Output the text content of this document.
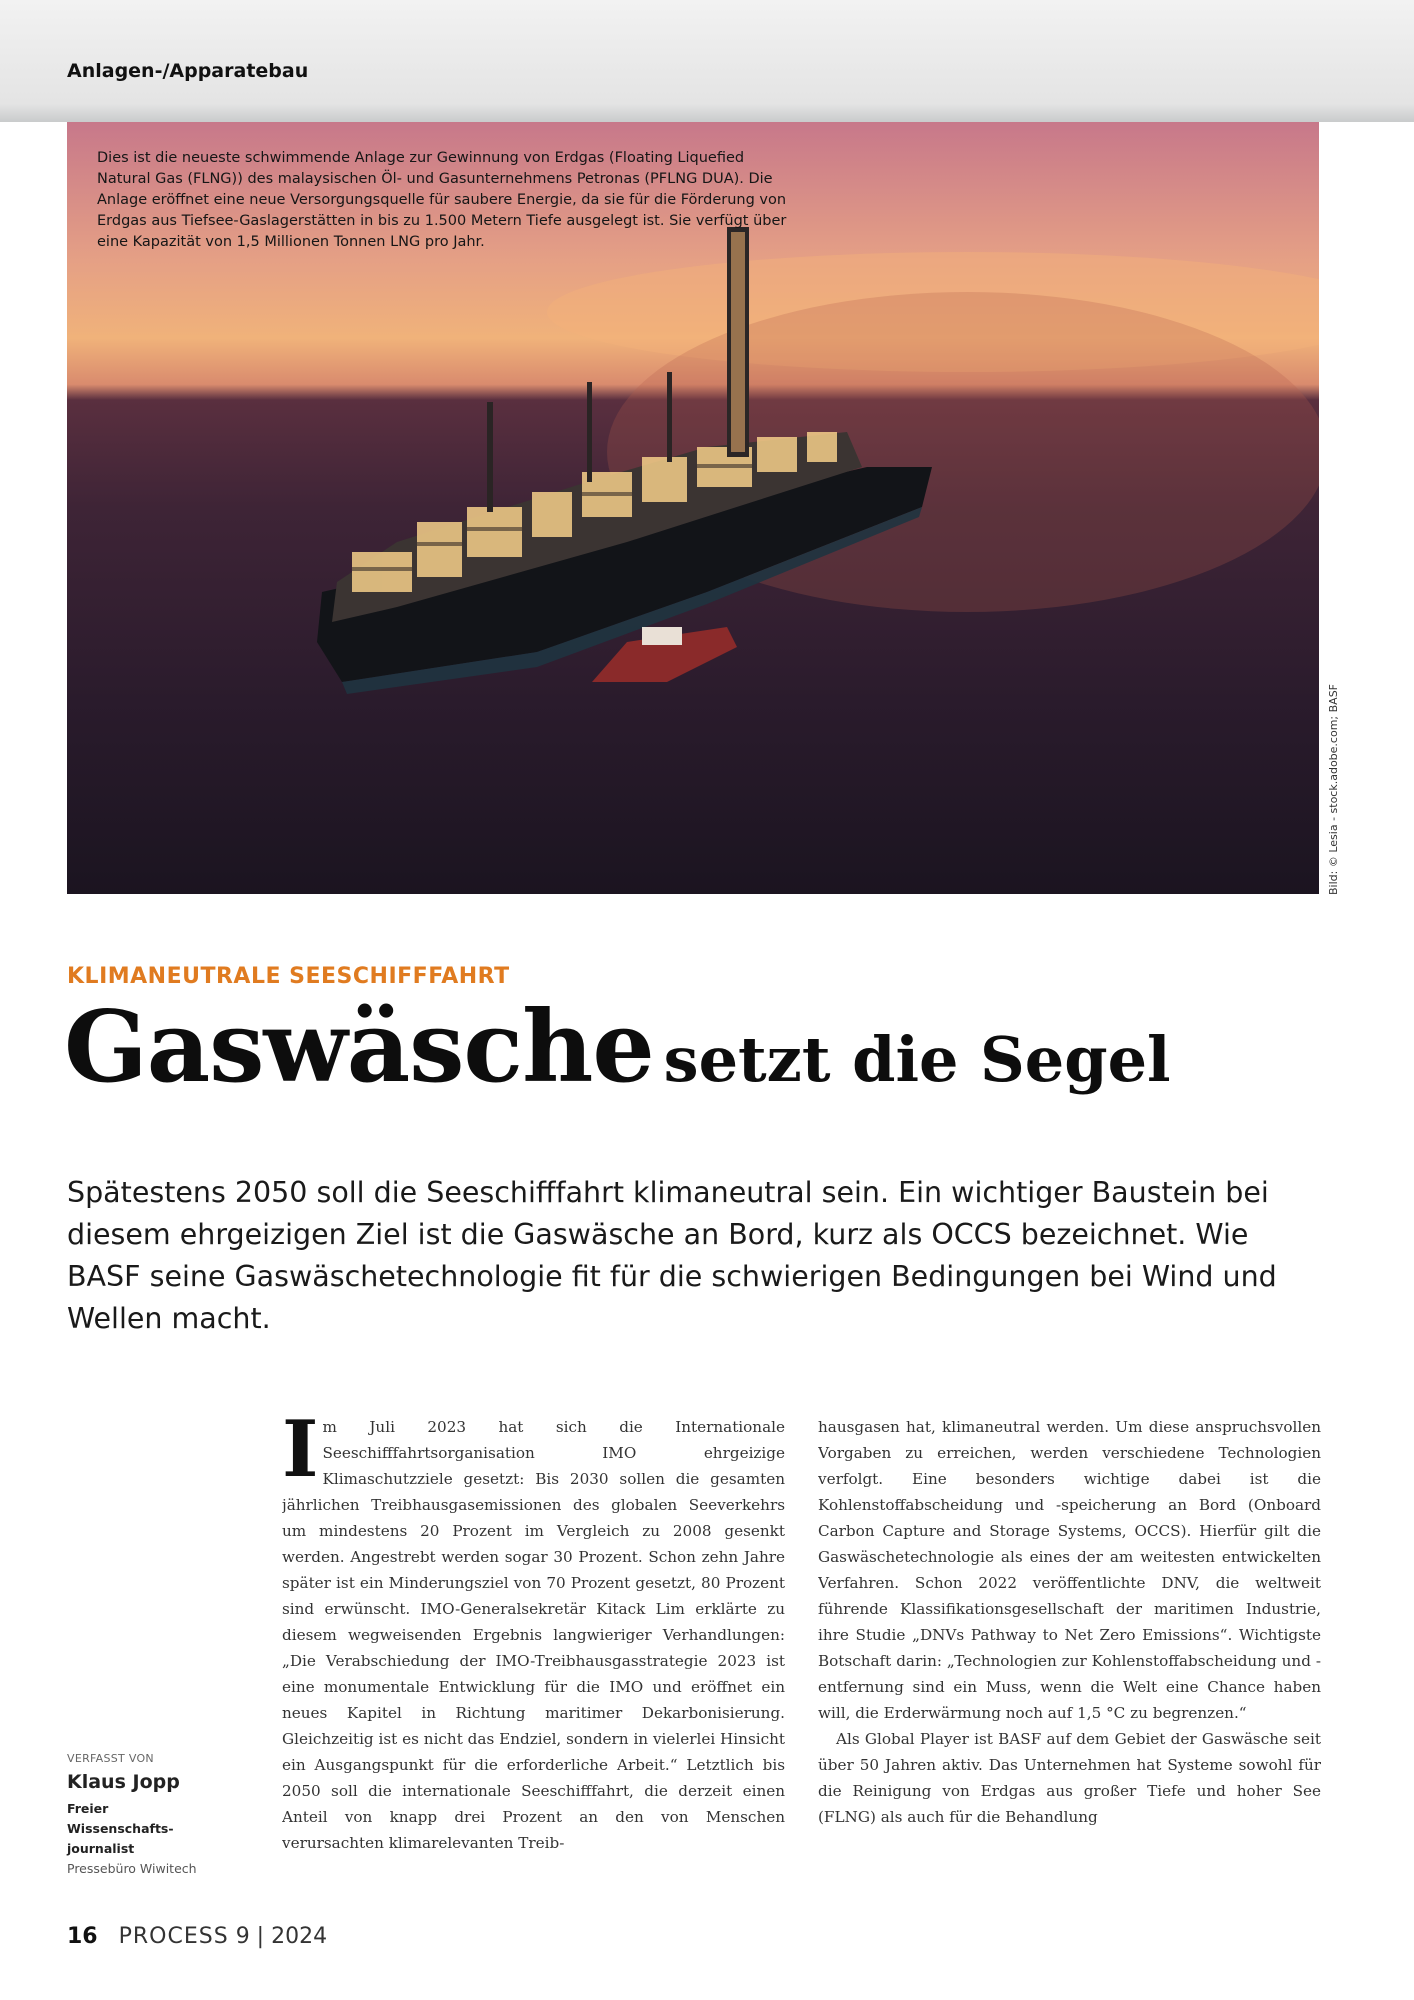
Anlagen-/Apparatebau
Dies ist die neueste schwimmende Anlage zur Gewinnung von Erdgas (Floating Liquefied Natural Gas (FLNG)) des malaysischen Öl- und Gasunternehmens Petronas (PFLNG DUA). Die Anlage eröffnet eine neue Versorgungsquelle für saubere Energie, da sie für die Förderung von Erdgas aus Tiefsee-Gaslagerstätten in bis zu 1.500 Metern Tiefe ausgelegt ist. Sie verfügt über eine Kapazität von 1,5 Millionen Tonnen LNG pro Jahr.
Bild: © Lesia - stock.adobe.com; BASF
KLIMANEUTRALE SEESCHIFFFAHRT
Gaswäsche setzt die Segel
Spätestens 2050 soll die Seeschifffahrt klimaneutral sein. Ein wichtiger Baustein bei diesem ehrgeizigen Ziel ist die Gaswäsche an Bord, kurz als OCCS bezeichnet. Wie BASF seine Gaswäschetechnologie fit für die schwierigen Bedingungen bei Wind und Wellen macht.
VERFASST VON
Klaus Jopp
Freier Wissenschafts-journalist
Pressebüro Wiwitech

Im Juli 2023 hat sich die Internationale Seeschifffahrtsorganisation IMO ehrgeizige Klimaschutzziele gesetzt: Bis 2030 sollen die gesamten jährlichen Treibhausgasemissionen des globalen Seeverkehrs um mindestens 20 Prozent im Vergleich zu 2008 gesenkt werden. Angestrebt werden sogar 30 Prozent. Schon zehn Jahre später ist ein Minderungsziel von 70 Prozent gesetzt, 80 Prozent sind erwünscht. IMO-Generalsekretär Kitack Lim erklärte zu diesem wegweisenden Ergebnis langwieriger Verhandlungen: „Die Verabschiedung der IMO-Treibhausgasstrategie 2023 ist eine monumentale Entwicklung für die IMO und eröffnet ein neues Kapitel in Richtung maritimer Dekarbonisierung. Gleichzeitig ist es nicht das Endziel, sondern in vielerlei Hinsicht ein Ausgangspunkt für die erforderliche Arbeit.“ Letztlich bis 2050 soll die internationale Seeschifffahrt, die derzeit einen Anteil von knapp drei Prozent an den von Menschen verursachten klimarelevanten Treib-

hausgasen hat, klimaneutral werden. Um diese anspruchsvollen Vorgaben zu erreichen, werden verschiedene Technologien verfolgt. Eine besonders wichtige dabei ist die Kohlenstoffabscheidung und -speicherung an Bord (Onboard Carbon Capture and Storage Systems, OCCS). Hierfür gilt die Gaswäschetechnologie als eines der am weitesten entwickelten Verfahren. Schon 2022 veröffentlichte DNV, die weltweit führende Klassifikationsgesellschaft der maritimen Industrie, ihre Studie „DNVs Pathway to Net Zero Emissions“. Wichtigste Botschaft darin: „Technologien zur Kohlenstoffabscheidung und -entfernung sind ein Muss, wenn die Welt eine Chance haben will, die Erderwärmung noch auf 1,5 °C zu begrenzen.“

Als Global Player ist BASF auf dem Gebiet der Gaswäsche seit über 50 Jahren aktiv. Das Unternehmen hat Systeme sowohl für die Reinigung von Erdgas aus großer Tiefe und hoher See (FLNG) als auch für die Behandlung

16 PROCESS 9 | 2024
